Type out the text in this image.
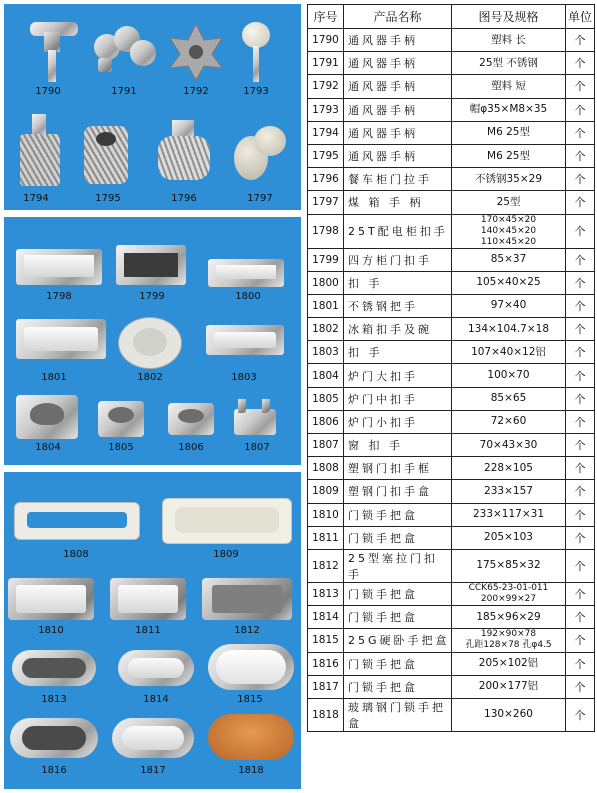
1790	1791	1792	1793
1794	1795	1796	1797
1798	1799	1800
1801	1802	1803
1804	1805	1806	1807
1808	1809
1810	1811	1812
1813	1814	1815
1816	1817	1818
序号	产品名称	图号及规格	单位
1790	通风器手柄	塑料 长	个
1791	通风器手柄	25型 不锈钢	个
1792	通风器手柄	塑料 短	个
1793	通风器手柄	帽φ35×M8×35	个
1794	通风器手柄	M6 25型	个
1795	通风器手柄	M6 25型	个
1796	餐车柜门拉手	不锈钢35×29	个
1797	煤 箱 手 柄	25型	个
1798	25T配电柜扣手	170×45×20 140×45×20
110×45×20	个
1799	四方柜门扣手	85×37	个
1800	扣 手	105×40×25	个
1801	不锈钢把手	97×40	个
1802	冰箱扣手及碗	134×104.7×18	个
1803	扣 手	107×40×12铝	个
1804	炉门大扣手	100×70	个
1805	炉门中扣手	85×65	个
1806	炉门小扣手	72×60	个
1807	窗 扣 手	70×43×30	个
1808	塑钢门扣手框	228×105	个
1809	塑钢门扣手盒	233×157	个
1810	门锁手把盒	233×117×31	个
1811	门锁手把盒	205×103	个
1812	25型塞拉门扣手	175×85×32	个
1813	门锁手把盒	CCK65-23-01-011
200×99×27	个
1814	门锁手把盒	185×96×29	个
1815	25G硬卧手把盒	192×90×78
孔距128×78 孔φ4.5	个
1816	门锁手把盒	205×102铝	个
1817	门锁手把盒	200×177铝	个
1818	玻璃钢门锁手把盒	130×260	个
